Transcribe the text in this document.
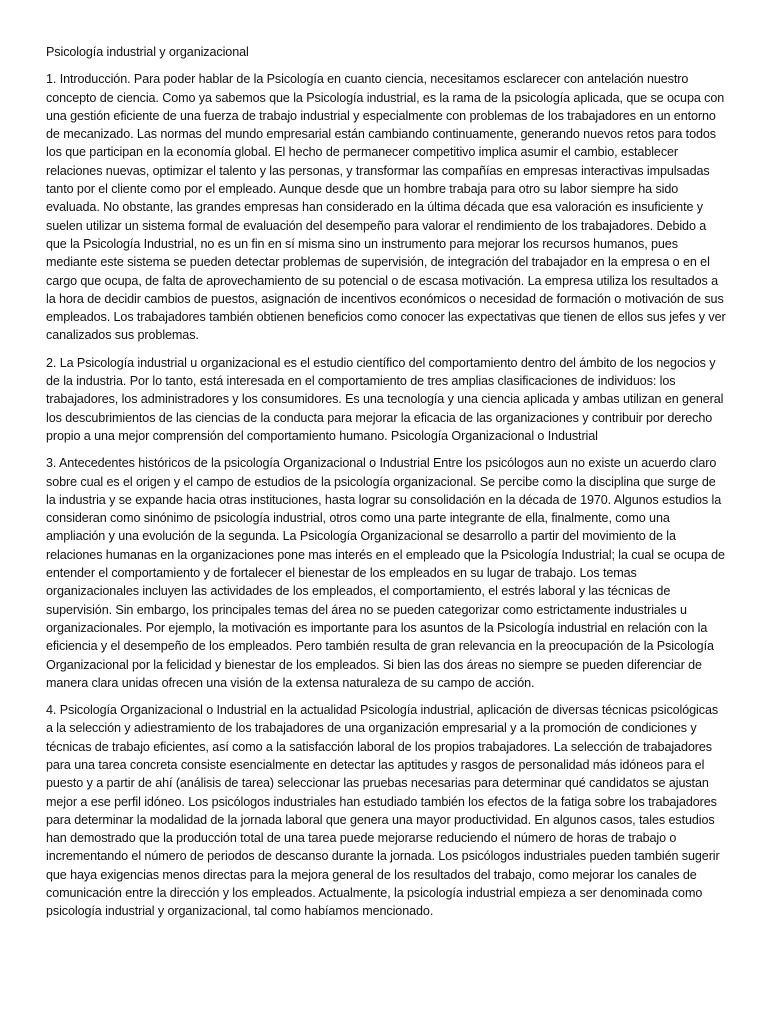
Psicología industrial y organizacional

1. Introducción. Para poder hablar de la Psicología en cuanto ciencia, necesitamos esclarecer con antelación nuestro concepto de ciencia. Como ya sabemos que la Psicología industrial, es la rama de la psicología aplicada, que se ocupa con una gestión eficiente de una fuerza de trabajo industrial y especialmente con problemas de los trabajadores en un entorno de mecanizado. Las normas del mundo empresarial están cambiando continuamente, generando nuevos retos para todos los que participan en la economía global. El hecho de permanecer competitivo implica asumir el cambio, establecer relaciones nuevas, optimizar el talento y las personas, y transformar las compañías en empresas interactivas impulsadas tanto por el cliente como por el empleado. Aunque desde que un hombre trabaja para otro su labor siempre ha sido evaluada. No obstante, las grandes empresas han considerado en la última década que esa valoración es insuficiente y suelen utilizar un sistema formal de evaluación del desempeño para valorar el rendimiento de los trabajadores. Debido a que la Psicología Industrial, no es un fin en sí misma sino un instrumento para mejorar los recursos humanos, pues mediante este sistema se pueden detectar problemas de supervisión, de integración del trabajador en la empresa o en el cargo que ocupa, de falta de aprovechamiento de su potencial o de escasa motivación. La empresa utiliza los resultados a la hora de decidir cambios de puestos, asignación de incentivos económicos o necesidad de formación o motivación de sus empleados. Los trabajadores también obtienen beneficios como conocer las expectativas que tienen de ellos sus jefes y ver canalizados sus problemas.

2. La Psicología industrial u organizacional es el estudio científico del comportamiento dentro del ámbito de los negocios y de la industria. Por lo tanto, está interesada en el comportamiento de tres amplias clasificaciones de individuos: los trabajadores, los administradores y los consumidores. Es una tecnología y una ciencia aplicada y ambas utilizan en general los descubrimientos de las ciencias de la conducta para mejorar la eficacia de las organizaciones y contribuir por derecho propio a una mejor comprensión del comportamiento humano. Psicología Organizacional o Industrial

3. Antecedentes históricos de la psicología Organizacional o Industrial Entre los psicólogos aun no existe un acuerdo claro sobre cual es el origen y el campo de estudios de la psicología organizacional. Se percibe como la disciplina que surge de la industria y se expande hacia otras instituciones, hasta lograr su consolidación en la década de 1970. Algunos estudios la consideran como sinónimo de psicología industrial, otros como una parte integrante de ella, finalmente, como una ampliación y una evolución de la segunda. La Psicología Organizacional se desarrollo a partir del movimiento de la relaciones humanas en la organizaciones pone mas interés en el empleado que la Psicología Industrial; la cual se ocupa de entender el comportamiento y de fortalecer el bienestar de los empleados en su lugar de trabajo. Los temas organizacionales incluyen las actividades de los empleados, el comportamiento, el estrés laboral y las técnicas de supervisión. Sin embargo, los principales temas del área no se pueden categorizar como estrictamente industriales u organizacionales. Por ejemplo, la motivación es importante para los asuntos de la Psicología industrial en relación con la eficiencia y el desempeño de los empleados. Pero también resulta de gran relevancia en la preocupación de la Psicología Organizacional por la felicidad y bienestar de los empleados. Si bien las dos áreas no siempre se pueden diferenciar de manera clara unidas ofrecen una visión de la extensa naturaleza de su campo de acción.

4. Psicología Organizacional o Industrial en la actualidad Psicología industrial, aplicación de diversas técnicas psicológicas a la selección y adiestramiento de los trabajadores de una organización empresarial y a la promoción de condiciones y técnicas de trabajo eficientes, así como a la satisfacción laboral de los propios trabajadores. La selección de trabajadores para una tarea concreta consiste esencialmente en detectar las aptitudes y rasgos de personalidad más idóneos para el puesto y a partir de ahí (análisis de tarea) seleccionar las pruebas necesarias para determinar qué candidatos se ajustan mejor a ese perfil idóneo. Los psicólogos industriales han estudiado también los efectos de la fatiga sobre los trabajadores para determinar la modalidad de la jornada laboral que genera una mayor productividad. En algunos casos, tales estudios han demostrado que la producción total de una tarea puede mejorarse reduciendo el número de horas de trabajo o incrementando el número de periodos de descanso durante la jornada. Los psicólogos industriales pueden también sugerir que haya exigencias menos directas para la mejora general de los resultados del trabajo, como mejorar los canales de comunicación entre la dirección y los empleados. Actualmente, la psicología industrial empieza a ser denominada como psicología industrial y organizacional, tal como habíamos mencionado.
